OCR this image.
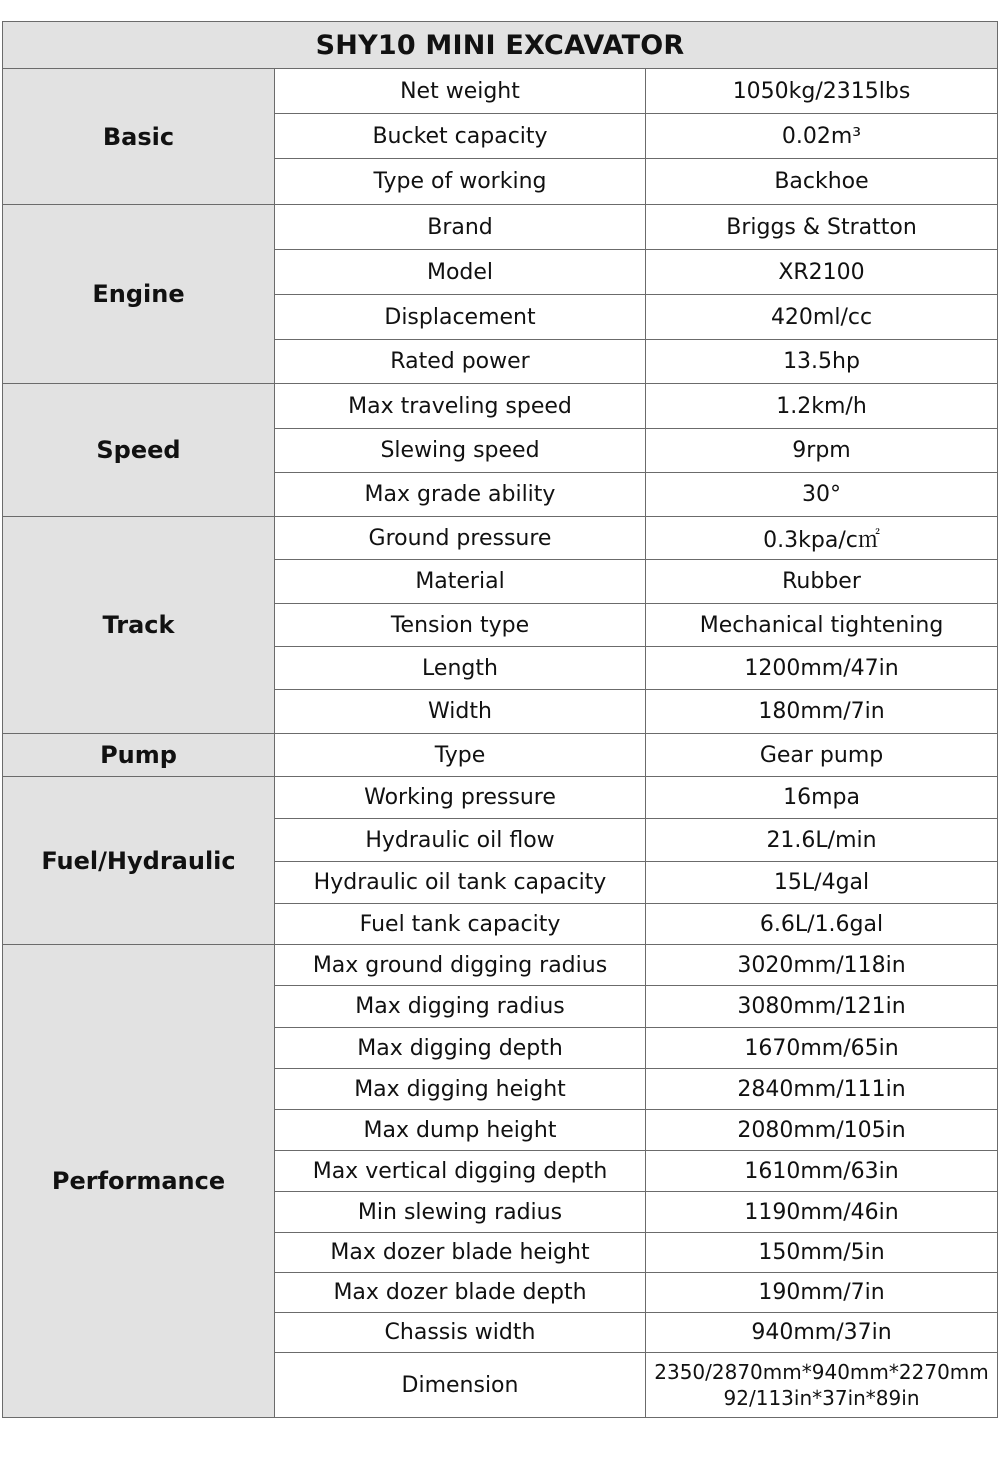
SHY10 MINI EXCAVATOR		
Basic	Net weight	1050kg/2315lbs
	Bucket capacity	0.02m³
	Type of working	Backhoe
Engine	Brand	Briggs & Stratton
	Model	XR2100
	Displacement	420ml/cc
	Rated power	13.5hp
Speed	Max traveling speed	1.2km/h
	Slewing speed	9rpm
	Max grade ability	30°
Track	Ground pressure	0.3kpa/c㎡
	Material	Rubber
	Tension type	Mechanical tightening
	Length	1200mm/47in
	Width	180mm/7in
Pump	Type	Gear pump
Fuel/Hydraulic	Working pressure	16mpa
	Hydraulic oil flow	21.6L/min
	Hydraulic oil tank capacity	15L/4gal
	Fuel tank capacity	6.6L/1.6gal
Performance	Max ground digging radius	3020mm/118in
	Max digging radius	3080mm/121in
	Max digging depth	1670mm/65in
	Max digging height	2840mm/111in
	Max dump height	2080mm/105in
	Max vertical digging depth	1610mm/63in
	Min slewing radius	1190mm/46in
	Max dozer blade height	150mm/5in
	Max dozer blade depth	190mm/7in
	Chassis width	940mm/37in
	Dimension	2350/2870mm*940mm*2270mm
92/113in*37in*89in
